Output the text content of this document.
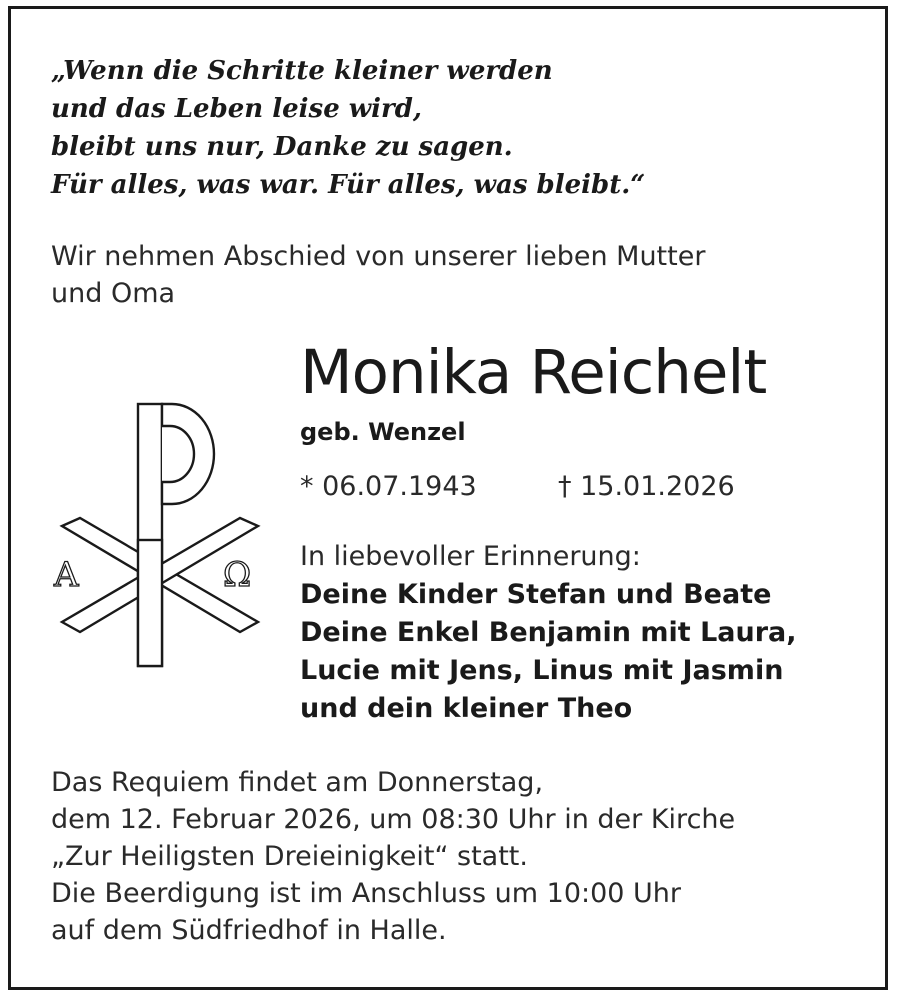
„Wenn die Schritte kleiner werden
und das Leben leise wird,
bleibt uns nur, Danke zu sagen.
Für alles, was war. Für alles, was bleibt.“

Wir nehmen Abschied von unserer lieben Mutter
und Oma

Monika Reichelt
geb. Wenzel
* 06.07.1943	† 15.01.2026
In liebevoller Erinnerung:
Deine Kinder Stefan und Beate
Deine Enkel Benjamin mit Laura,
Lucie mit Jens, Linus mit Jasmin
und dein kleiner Theo
A	Ω

Das Requiem findet am Donnerstag,
dem 12. Februar 2026, um 08:30 Uhr in der Kirche
„Zur Heiligsten Dreieinigkeit“ statt.
Die Beerdigung ist im Anschluss um 10:00 Uhr
auf dem Südfriedhof in Halle.
